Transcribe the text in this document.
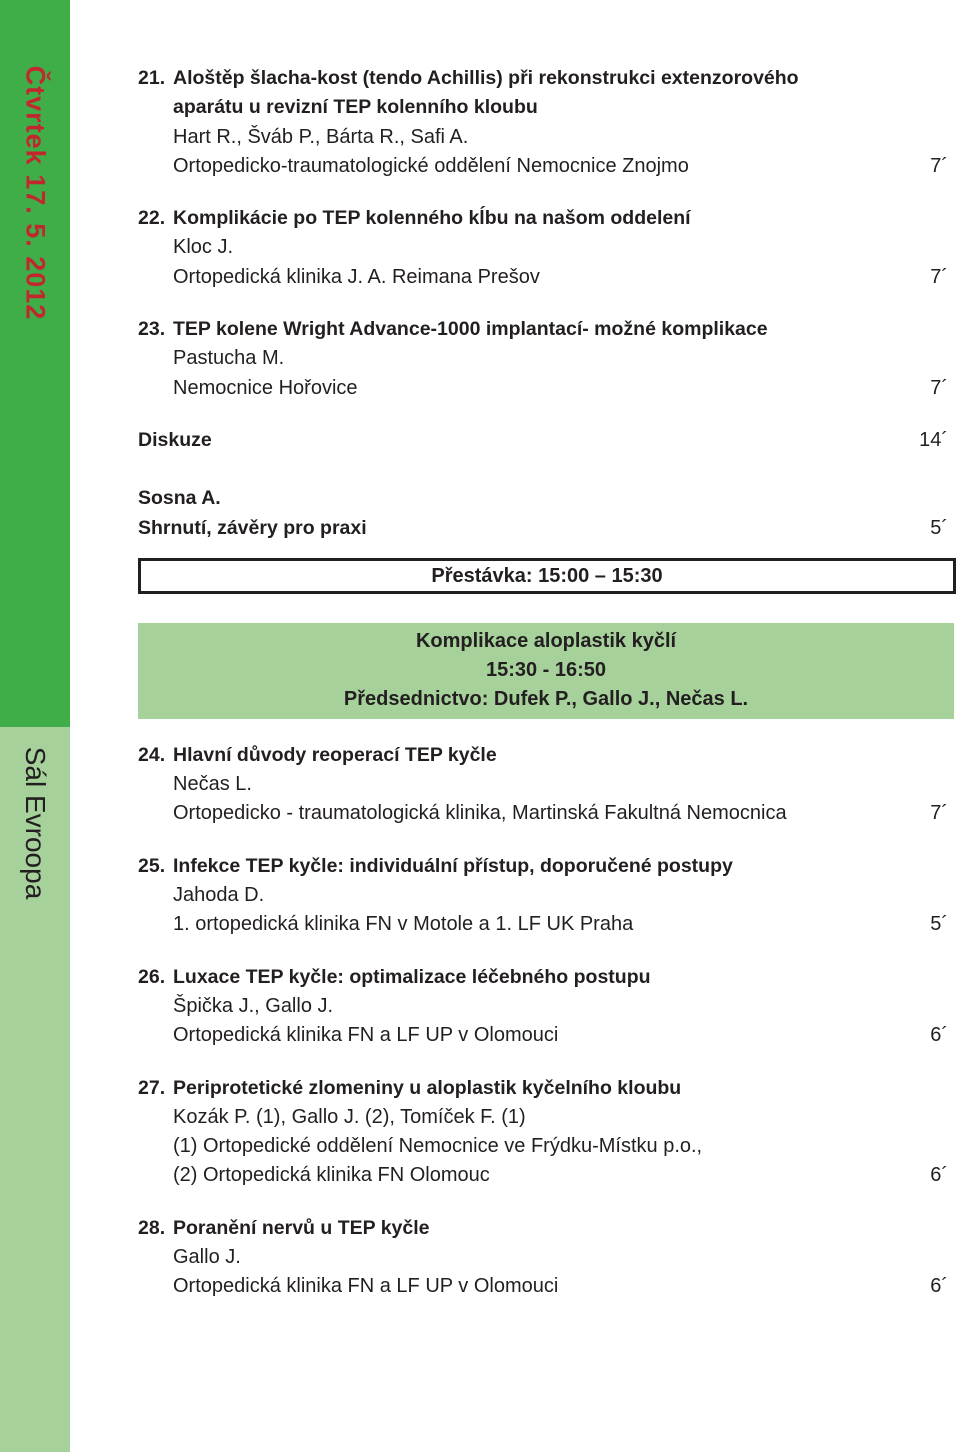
Čtvrtek 17. 5. 2012
Sál Evroopa
21. Aloštěp šlacha-kost (tendo Achillis) při rekonstrukci extenzorového
aparátu u revizní TEP kolenního kloubu
Hart R., Šváb P., Bárta R., Safi A.
Ortopedicko-traumatologické oddělení Nemocnice Znojmo	7´
22. Komplikácie po TEP kolenného kĺbu na našom oddelení
Kloc J.
Ortopedická klinika J. A. Reimana Prešov	7´
23. TEP kolene Wright Advance-1000 implantací- možné komplikace
Pastucha M.
Nemocnice Hořovice	7´
Diskuze	14´
Sosna A.
Shrnutí, závěry pro praxi	5´
Přestávka: 15:00 – 15:30
Komplikace aloplastik kyčlí
15:30 - 16:50
Předsednictvo: Dufek P., Gallo J., Nečas L.
24. Hlavní důvody reoperací TEP kyčle
Nečas L.
Ortopedicko - traumatologická klinika, Martinská Fakultná Nemocnica	7´
25. Infekce TEP kyčle: individuální přístup, doporučené postupy
Jahoda D.
1. ortopedická klinika FN v Motole a 1. LF UK Praha	5´
26. Luxace TEP kyčle: optimalizace léčebného postupu
Špička J., Gallo J.
Ortopedická klinika FN a LF UP v Olomouci	6´
27. Periprotetické zlomeniny u aloplastik kyčelního kloubu
Kozák P. (1), Gallo J. (2), Tomíček F. (1)
(1) Ortopedické oddělení Nemocnice ve Frýdku-Místku p.o.,
(2) Ortopedická klinika FN Olomouc	6´
28. Poranění nervů u TEP kyčle
Gallo J.
Ortopedická klinika FN a LF UP v Olomouci	6´
